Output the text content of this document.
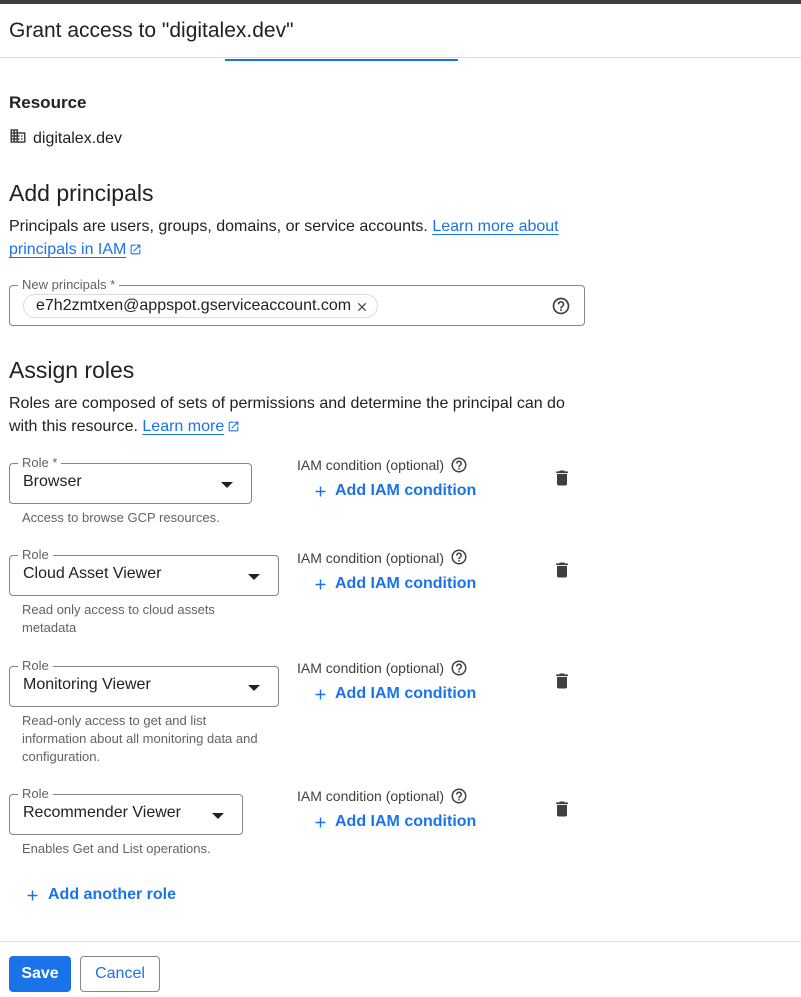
Grant access to "digitalex.dev"
Resource
digitalex.dev
Add principals
Principals are users, groups, domains, or service accounts. Learn more about principals in IAM
New principals *
e7h2zmtxen@appspot.gserviceaccount.com
Assign roles
Roles are composed of sets of permissions and determine the principal can do with this resource. Learn more
Role *
Browser
Access to browse GCP resources.
IAM condition (optional)
Add IAM condition
Role
Cloud Asset Viewer
Read only access to cloud assets metadata
IAM condition (optional)
Add IAM condition
Role
Monitoring Viewer
Read-only access to get and list information about all monitoring data and configuration.
IAM condition (optional)
Add IAM condition
Role
Recommender Viewer
Enables Get and List operations.
IAM condition (optional)
Add IAM condition
Add another role
Save	Cancel
